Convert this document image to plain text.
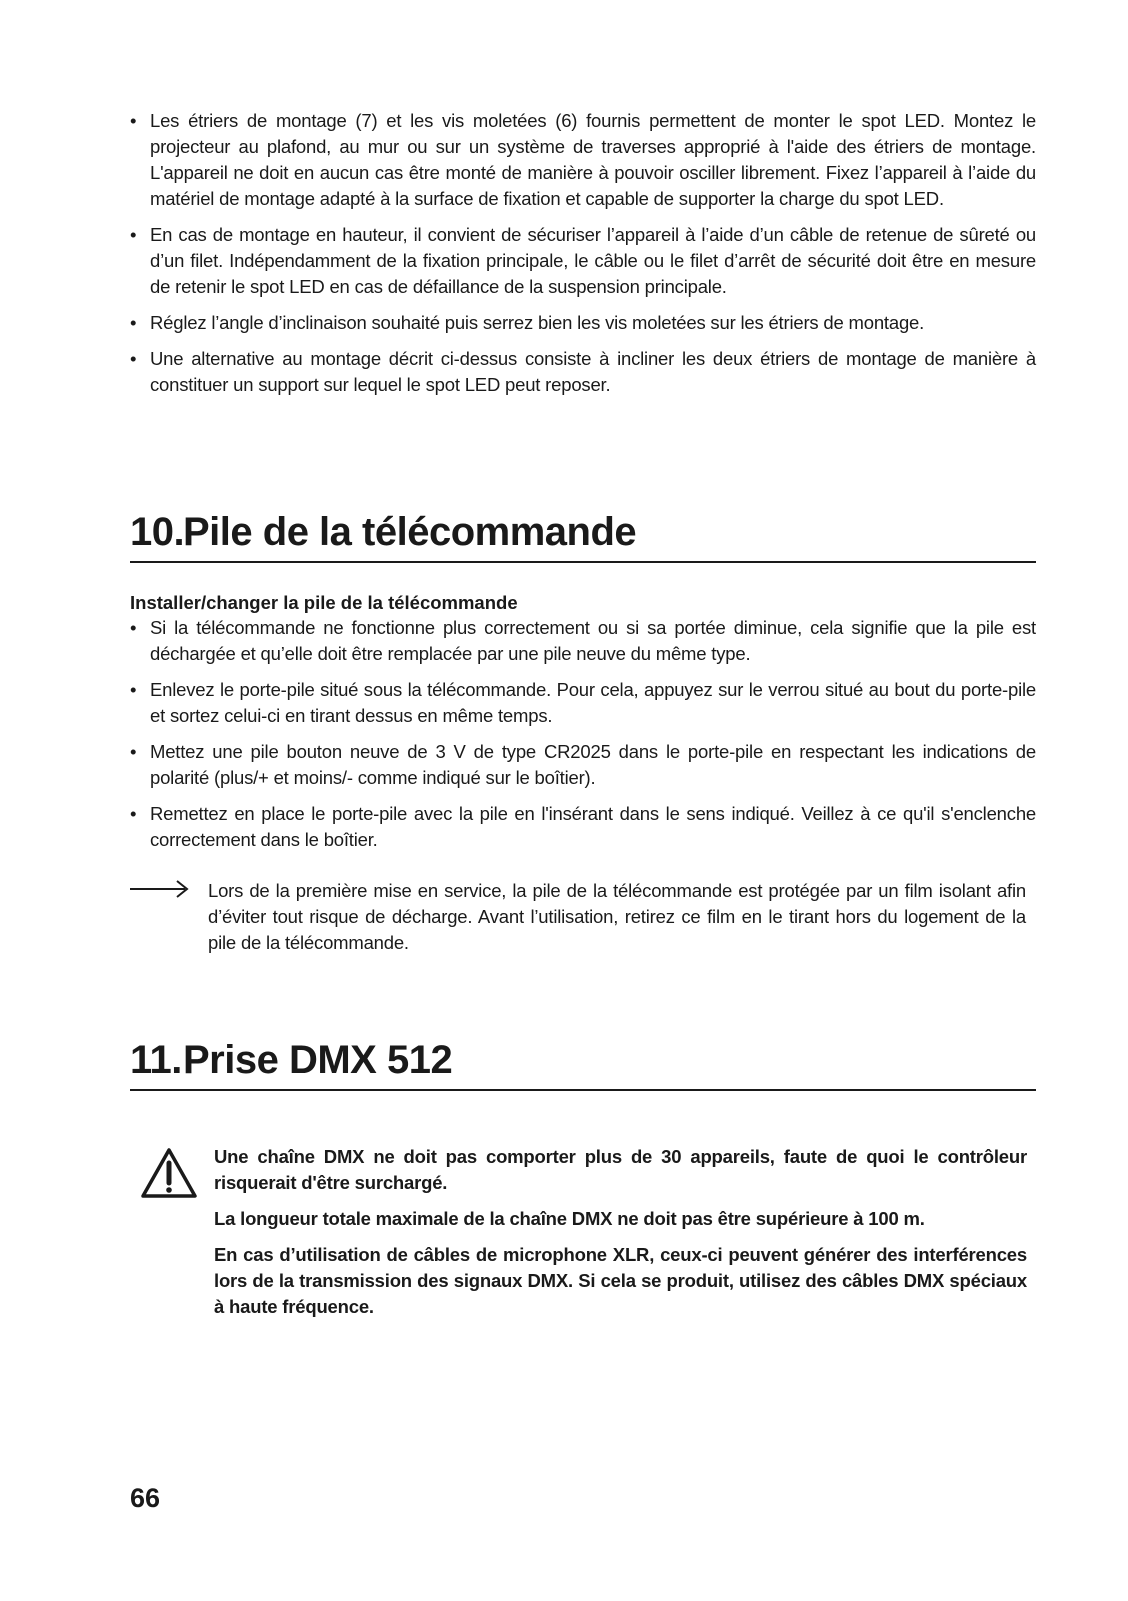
• Les étriers de montage (7) et les vis moletées (6) fournis permettent de monter le spot LED. Montez le projecteur au plafond, au mur ou sur un système de traverses approprié à l'aide des étriers de montage. L'appareil ne doit en aucun cas être monté de manière à pouvoir osciller librement. Fixez l’appareil à l’aide du matériel de montage adapté à la surface de fixation et capable de supporter la charge du spot LED.
• En cas de montage en hauteur, il convient de sécuriser l’appareil à l’aide d’un câble de retenue de sûreté ou d’un filet. Indépendamment de la fixation principale, le câble ou le filet d’arrêt de sécurité doit être en mesure de retenir le spot LED en cas de défaillance de la suspension principale.
• Réglez l’angle d’inclinaison souhaité puis serrez bien les vis moletées sur les étriers de montage.
• Une alternative au montage décrit ci-dessus consiste à incliner les deux étriers de montage de manière à constituer un support sur lequel le spot LED peut reposer.
10.Pile de la télécommande
Installer/changer la pile de la télécommande
• Si la télécommande ne fonctionne plus correctement ou si sa portée diminue, cela signifie que la pile est déchargée et qu’elle doit être remplacée par une pile neuve du même type.
• Enlevez le porte-pile situé sous la télécommande. Pour cela, appuyez sur le verrou situé au bout du porte-pile et sortez celui-ci en tirant dessus en même temps.
• Mettez une pile bouton neuve de 3 V de type CR2025 dans le porte-pile en respectant les indications de polarité (plus/+ et moins/- comme indiqué sur le boîtier).
• Remettez en place le porte-pile avec la pile en l'insérant dans le sens indiqué. Veillez à ce qu'il s'enclenche correctement dans le boîtier.
Lors de la première mise en service, la pile de la télécommande est protégée par un film isolant afin d’éviter tout risque de décharge. Avant l’utilisation, retirez ce film en le tirant hors du logement de la pile de la télécommande.
11.Prise DMX 512

Une chaîne DMX ne doit pas comporter plus de 30 appareils, faute de quoi le contrôleur risquerait d'être surchargé.

La longueur totale maximale de la chaîne DMX ne doit pas être supérieure à 100 m.

En cas d’utilisation de câbles de microphone XLR, ceux-ci peuvent générer des interférences lors de la transmission des signaux DMX. Si cela se produit, utilisez des câbles DMX spéciaux à haute fréquence.

66
